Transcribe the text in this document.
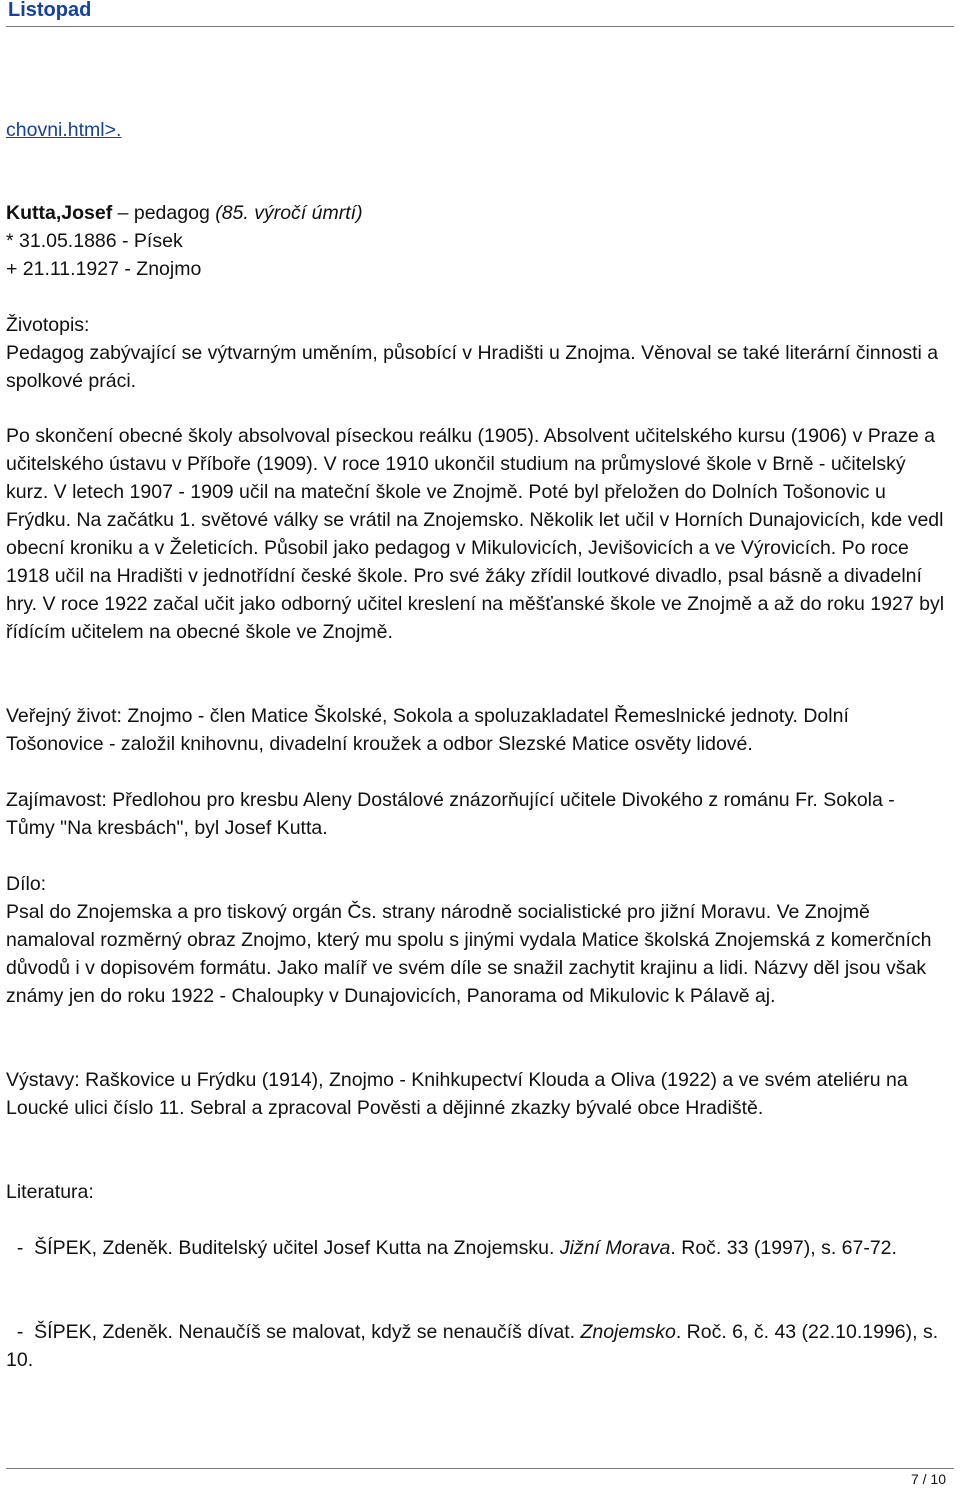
Listopad

chovni.html>.

Kutta,Josef – pedagog (85. výročí úmrtí)
* 31.05.1886 - Písek
+ 21.11.1927 - Znojmo

Životopis:
Pedagog zabývající se výtvarným uměním, působící v Hradišti u Znojma. Věnoval se také literární činnosti a spolkové práci.

Po skončení obecné školy absolvoval píseckou reálku (1905). Absolvent učitelského kursu (1906) v Praze a učitelského ústavu v Příboře (1909). V roce 1910 ukončil studium na průmyslové škole v Brně - učitelský kurz. V letech 1907 - 1909 učil na mateční škole ve Znojmě. Poté byl přeložen do Dolních Tošonovic u Frýdku. Na začátku 1. světové války se vrátil na Znojemsko. Několik let učil v Horních Dunajovicích, kde vedl obecní kroniku a v Želeticích. Působil jako pedagog v Mikulovicích, Jevišovicích a ve Výrovicích. Po roce 1918 učil na Hradišti v jednotřídní české škole. Pro své žáky zřídil loutkové divadlo, psal básně a divadelní hry. V roce 1922 začal učit jako odborný učitel kreslení na měšťanské škole ve Znojmě a až do roku 1927 byl řídícím učitelem na obecné škole ve Znojmě.

Veřejný život: Znojmo - člen Matice Školské, Sokola a spoluzakladatel Řemeslnické jednoty. Dolní Tošonovice - založil knihovnu, divadelní kroužek a odbor Slezské Matice osvěty lidové.

Zajímavost: Předlohou pro kresbu Aleny Dostálové znázorňující učitele Divokého z románu Fr. Sokola - Tůmy "Na kresbách", byl Josef Kutta.

Dílo:
Psal do Znojemska a pro tiskový orgán Čs. strany národně socialistické pro jižní Moravu. Ve Znojmě namaloval rozměrný obraz Znojmo, který mu spolu s jinými vydala Matice školská Znojemská z komerčních důvodů i v dopisovém formátu. Jako malíř ve svém díle se snažil zachytit krajinu a lidi. Názvy děl jsou však známy jen do roku 1922 - Chaloupky v Dunajovicích, Panorama od Mikulovic k Pálavě aj.

Výstavy: Raškovice u Frýdku (1914), Znojmo - Knihkupectví Klouda a Oliva (1922) a ve svém ateliéru na Loucké ulici číslo 11. Sebral a zpracoval Pověsti a dějinné zkazky bývalé obce Hradiště.

Literatura:

-  ŠÍPEK, Zdeněk. Buditelský učitel Josef Kutta na Znojemsku. Jižní Morava. Roč. 33 (1997), s. 67-72.

-  ŠÍPEK, Zdeněk. Nenaučíš se malovat, když se nenaučíš dívat. Znojemsko. Roč. 6, č. 43 (22.10.1996), s. 10.

7 / 10
